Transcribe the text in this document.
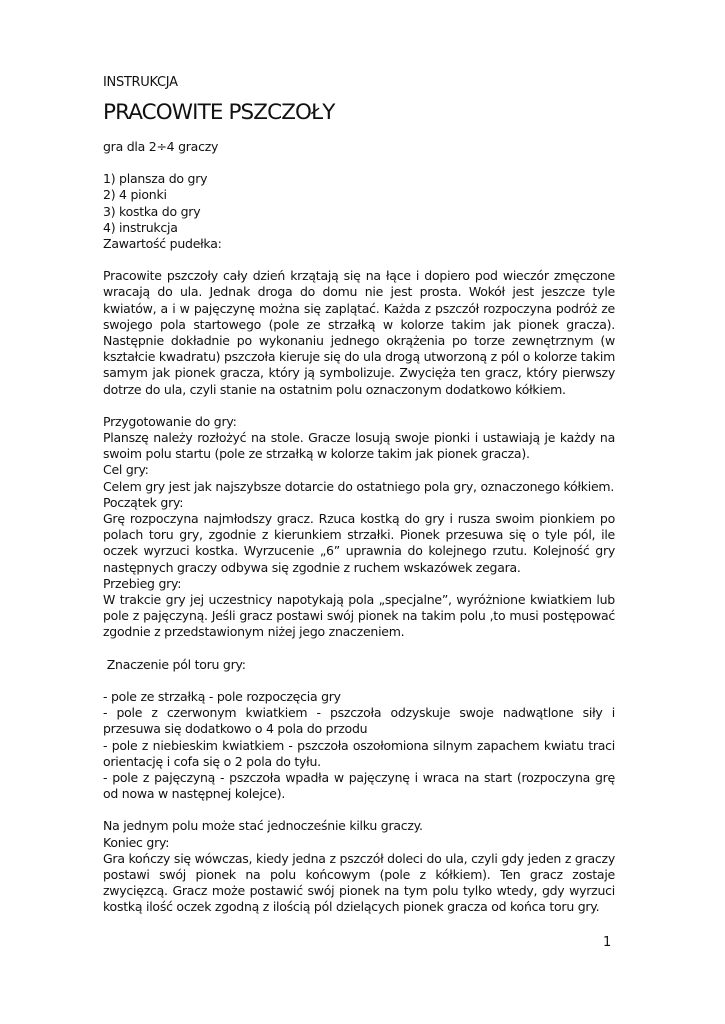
INSTRUKCJA

PRACOWITE PSZCZOŁY

gra dla 2÷4 graczy

1) plansza do gry

2) 4 pionki

3) kostka do gry

4) instrukcja

Zawartość pudełka:

Pracowite pszczoły cały dzień krzątają się na łące i dopiero pod wieczór zmęczone wracają do ula. Jednak droga do domu nie jest prosta. Wokół jest jeszcze tyle kwiatów, a i w pajęczynę można się zaplątać. Każda z pszczół rozpoczyna podróż ze swojego pola startowego (pole ze strzałką w kolorze takim jak pionek gracza). Następnie dokładnie po wykonaniu jednego okrążenia po torze zewnętrznym (w kształcie kwadratu) pszczoła kieruje się do ula drogą utworzoną z pól o kolorze takim samym jak pionek gracza, który ją symbolizuje. Zwycięża ten gracz, który pierwszy dotrze do ula, czyli stanie na ostatnim polu oznaczonym dodatkowo kółkiem.

Przygotowanie do gry:

Planszę należy rozłożyć na stole. Gracze losują swoje pionki i ustawiają je każdy na swoim polu startu (pole ze strzałką w kolorze takim jak pionek gracza).

Cel gry:

Celem gry jest jak najszybsze dotarcie do ostatniego pola gry, oznaczonego kółkiem.

Początek gry:

Grę rozpoczyna najmłodszy gracz. Rzuca kostką do gry i rusza swoim pionkiem po polach toru gry, zgodnie z kierunkiem strzałki. Pionek przesuwa się o tyle pól, ile oczek wyrzuci kostka. Wyrzucenie „6” uprawnia do kolejnego rzutu. Kolejność gry następnych graczy odbywa się zgodnie z ruchem wskazówek zegara.

Przebieg gry:

W trakcie gry jej uczestnicy napotykają pola „specjalne”, wyróżnione kwiatkiem lub pole z pajęczyną. Jeśli gracz postawi swój pionek na takim polu ,to musi postępować zgodnie z przedstawionym niżej jego znaczeniem.

Znaczenie pól toru gry:

- pole ze strzałką - pole rozpoczęcia gry

- pole z czerwonym kwiatkiem - pszczoła odzyskuje swoje nadwątlone siły i przesuwa się dodatkowo o 4 pola do przodu

- pole z niebieskim kwiatkiem - pszczoła oszołomiona silnym zapachem kwiatu traci orientację i cofa się o 2 pola do tyłu.

- pole z pajęczyną - pszczoła wpadła w pajęczynę i wraca na start (rozpoczyna grę od nowa w następnej kolejce).

Na jednym polu może stać jednocześnie kilku graczy.

Koniec gry:

Gra kończy się wówczas, kiedy jedna z pszczół doleci do ula, czyli gdy jeden z graczy postawi swój pionek na polu końcowym (pole z kółkiem). Ten gracz zostaje zwycięzcą. Gracz może postawić swój pionek na tym polu tylko wtedy, gdy wyrzuci kostką ilość oczek zgodną z ilością pól dzielących pionek gracza od końca toru gry.

1
